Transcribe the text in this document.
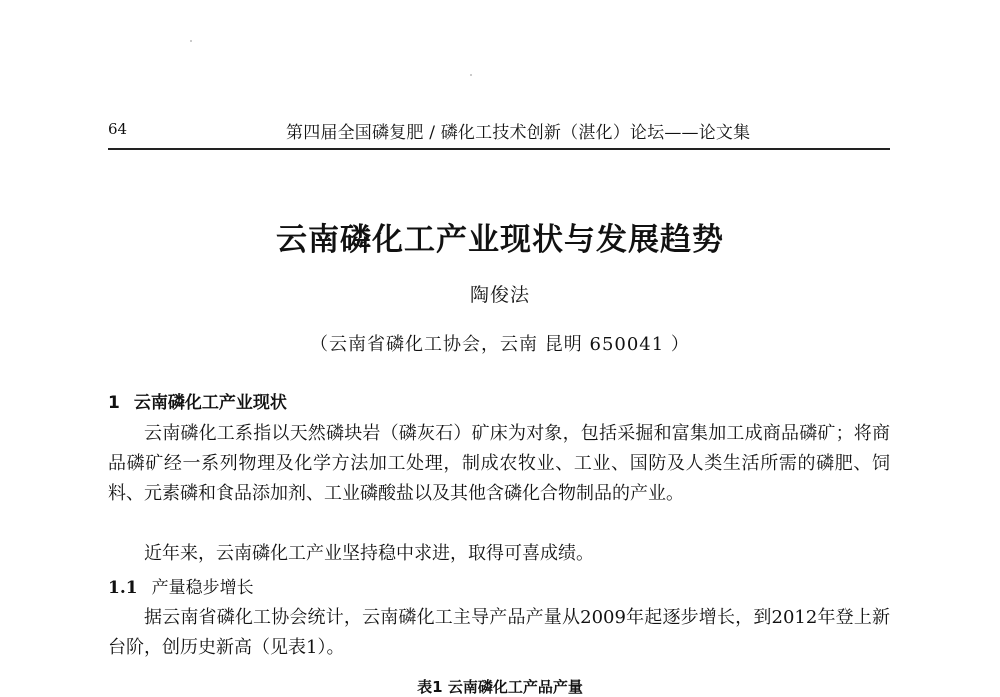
64	第四届全国磷复肥 / 磷化工技术创新（湛化）论坛——论文集
云南磷化工产业现状与发展趋势
陶俊法
（云南省磷化工协会，云南 昆明 650041 ）
1 云南磷化工产业现状

云南磷化工系指以天然磷块岩（磷灰石）矿床为对象，包括采掘和富集加工成商品磷矿；将商品磷矿经一系列物理及化学方法加工处理，制成农牧业、工业、国防及人类生活所需的磷肥、饲料、元素磷和食品添加剂、工业磷酸盐以及其他含磷化合物制品的产业。

近年来，云南磷化工产业坚持稳中求进，取得可喜成绩。

1.1 产量稳步增长

据云南省磷化工协会统计，云南磷化工主导产品产量从2009年起逐步增长，到2012年登上新台阶，创历史新高（见表1）。

表1 云南磷化工产品产量
